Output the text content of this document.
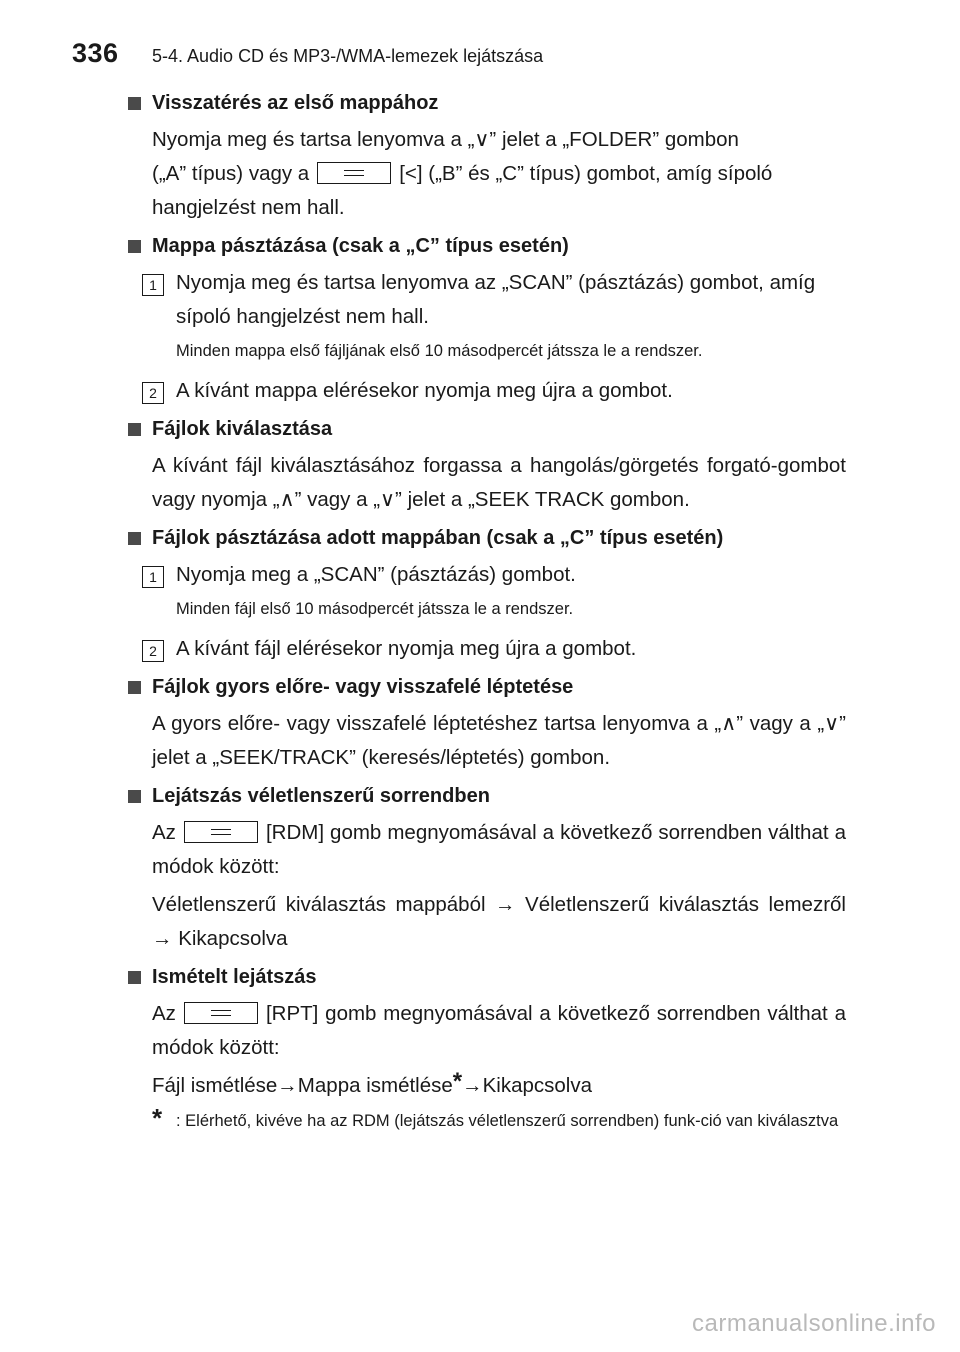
336 5-4. Audio CD és MP3-/WMA-lemezek lejátszása
Visszatérés az első mappához
Nyomja meg és tartsa lenyomva a „∨” jelet a „FOLDER” gombon
(„A” típus) vagy a	[<] („B” és „C” típus) gombot, amíg sípoló
hangjelzést nem hall.
Mappa pásztázása (csak a „C” típus esetén)
1 Nyomja meg és tartsa lenyomva az „SCAN” (pásztázás) gombot, amíg sípoló hangjelzést nem hall.
Minden mappa első fájljának első 10 másodpercét játssza le a rendszer.
2 A kívánt mappa elérésekor nyomja meg újra a gombot.
Fájlok kiválasztása
A kívánt fájl kiválasztásához forgassa a hangolás/görgetés forgató-gombot vagy nyomja „∧” vagy a „∨” jelet a „SEEK TRACK gombon.
Fájlok pásztázása adott mappában (csak a „C” típus esetén)
1 Nyomja meg a „SCAN” (pásztázás) gombot.
Minden fájl első 10 másodpercét játssza le a rendszer.
2 A kívánt fájl elérésekor nyomja meg újra a gombot.
Fájlok gyors előre- vagy visszafelé léptetése
A gyors előre- vagy visszafelé léptetéshez tartsa lenyomva a „∧” vagy a „∨” jelet a „SEEK/TRACK” (keresés/léptetés) gombon.
Lejátszás véletlenszerű sorrendben
Az	[RDM] gomb megnyomásával a következő sorrendben válthat a módok között:
Véletlenszerű kiválasztás mappából → Véletlenszerű kiválasztás lemezről → Kikapcsolva
Ismételt lejátszás
Az	[RPT] gomb megnyomásával a következő sorrendben válthat a módok között:
Fájl ismétlése→Mappa ismétlése*→Kikapcsolva
* : Elérhető, kivéve ha az RDM (lejátszás véletlenszerű sorrendben) funk-ció van kiválasztva
carmanualsonline.info
